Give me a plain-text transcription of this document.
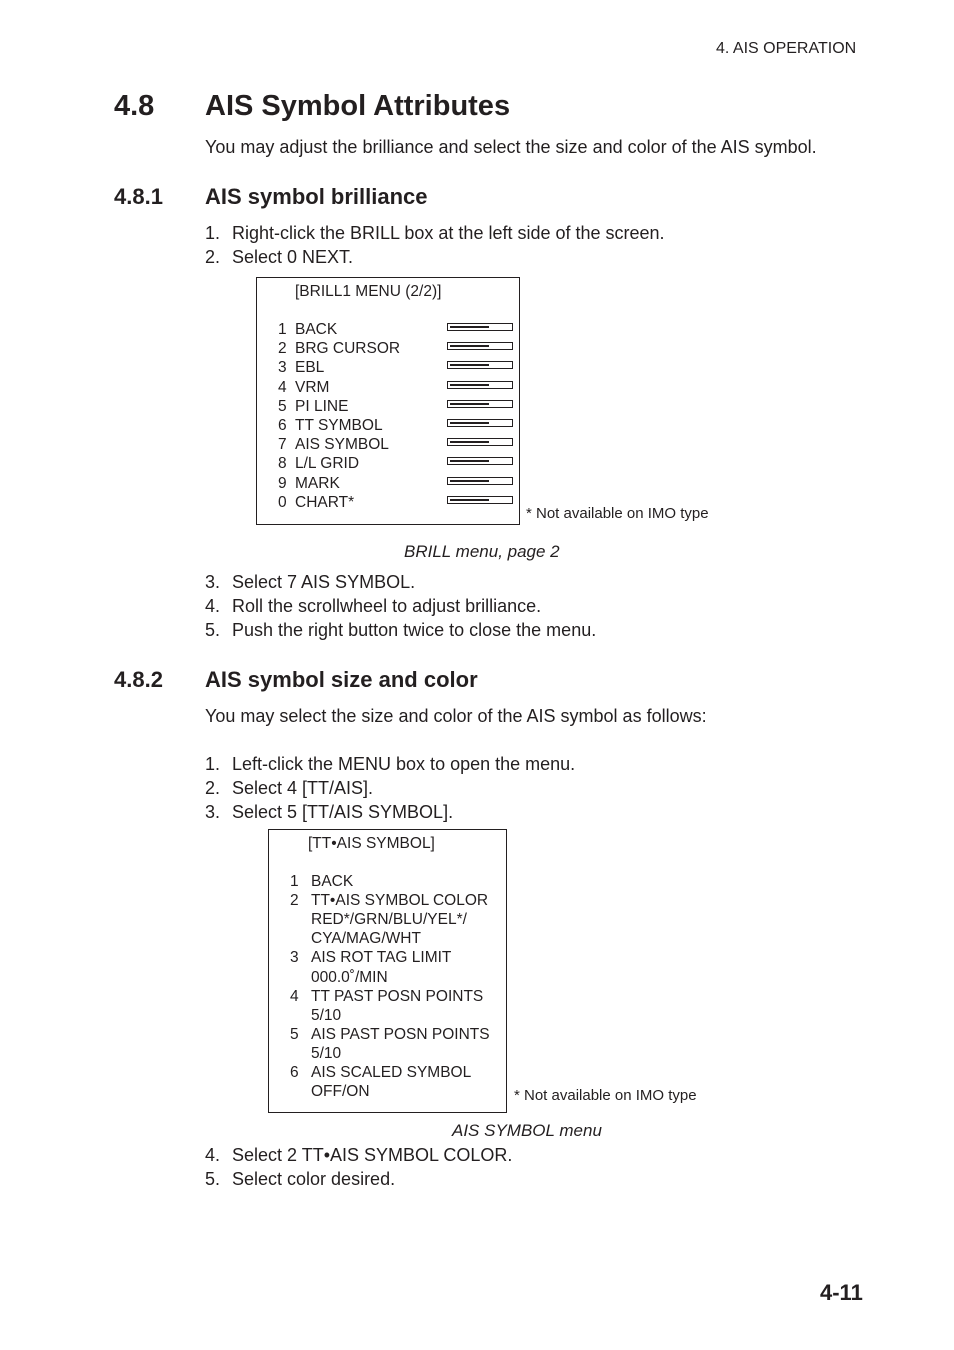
4. AIS OPERATION
4.8 AIS Symbol Attributes
You may adjust the brilliance and select the size and color of the AIS symbol.
4.8.1 AIS symbol brilliance
1. Right-click the BRILL box at the left side of the screen.
2. Select 0 NEXT.
[BRILL1 MENU (2/2)]
1 BACK
2 BRG CURSOR
3 EBL
4 VRM
5 PI LINE
6 TT SYMBOL
7 AIS SYMBOL
8 L/L GRID
9 MARK
0 CHART*
* Not available on IMO type
BRILL menu, page 2
3. Select 7 AIS SYMBOL.
4. Roll the scrollwheel to adjust brilliance.
5. Push the right button twice to close the menu.
4.8.2 AIS symbol size and color
You may select the size and color of the AIS symbol as follows:
1. Left-click the MENU box to open the menu.
2. Select 4 [TT/AIS].
3. Select 5 [TT/AIS SYMBOL].
[TT•AIS SYMBOL]
1 BACK
2 TT•AIS SYMBOL COLOR
RED*/GRN/BLU/YEL*/
CYA/MAG/WHT
3 AIS ROT TAG LIMIT
000.0˚/MIN
4 TT PAST POSN POINTS
5/10
5 AIS PAST POSN POINTS
5/10
6 AIS SCALED SYMBOL
OFF/ON	* Not available on IMO type
AIS SYMBOL menu
4. Select 2 TT•AIS SYMBOL COLOR.
5. Select color desired.
4-11
